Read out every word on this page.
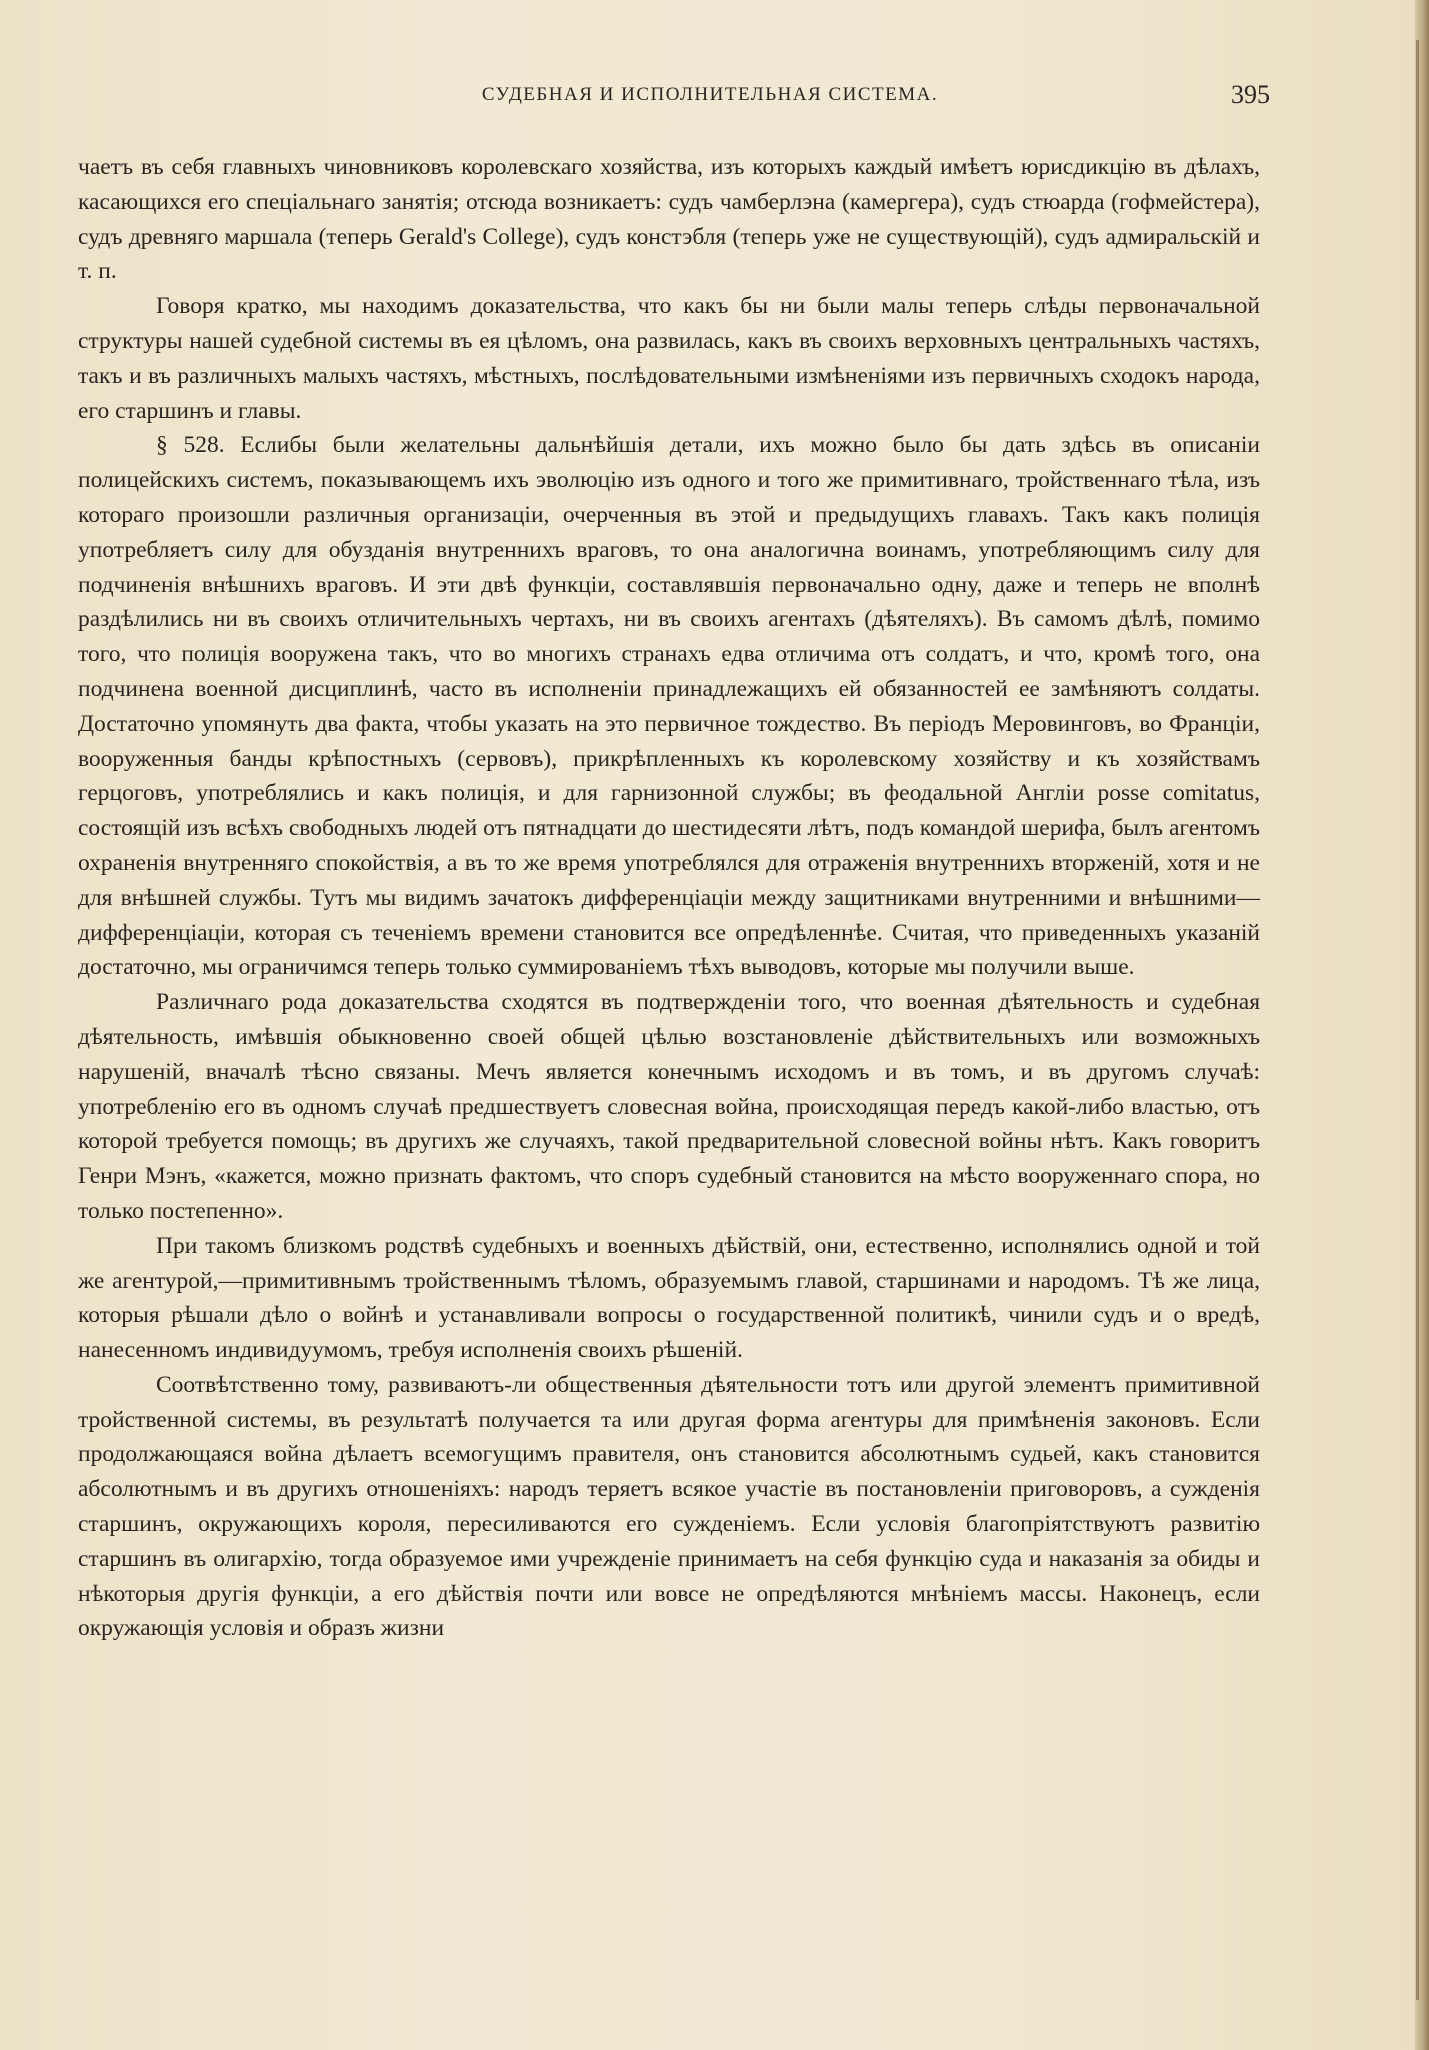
СУДЕБНАЯ И ИСПОЛНИТЕЛЬНАЯ СИСТЕМА.	395

чаетъ въ себя главныхъ чиновниковъ королевскаго хозяйства, изъ которыхъ каждый имѣетъ юрисдикцію въ дѣлахъ, касающихся его спеціальнаго занятія; отсюда возникаетъ: судъ чамберлэна (камергера), судъ стюарда (гофмейстера), судъ древняго маршала (теперь Gerald's College), судъ констэбля (теперь уже не существующій), судъ адмиральскій и т. п.

Говоря кратко, мы находимъ доказательства, что какъ бы ни были малы теперь слѣды первоначальной структуры нашей судебной системы въ ея цѣломъ, она развилась, какъ въ своихъ верховныхъ центральныхъ частяхъ, такъ и въ различныхъ малыхъ частяхъ, мѣстныхъ, послѣдовательными измѣненіями изъ первичныхъ сходокъ народа, его старшинъ и главы.

§ 528. Еслибы были желательны дальнѣйшія детали, ихъ можно было бы дать здѣсь въ описаніи полицейскихъ системъ, показывающемъ ихъ эволюцію изъ одного и того же примитивнаго, тройственнаго тѣла, изъ котораго произошли различныя организаціи, очерченныя въ этой и предыдущихъ главахъ. Такъ какъ полиція употребляетъ силу для обузданія внутреннихъ враговъ, то она аналогична воинамъ, употребляющимъ силу для подчиненія внѣшнихъ враговъ. И эти двѣ функціи, составлявшія первоначально одну, даже и теперь не вполнѣ раздѣлились ни въ своихъ отличительныхъ чертахъ, ни въ своихъ агентахъ (дѣятеляхъ). Въ самомъ дѣлѣ, помимо того, что полиція вооружена такъ, что во многихъ странахъ едва отличима отъ солдатъ, и что, кромѣ того, она подчинена военной дисциплинѣ, часто въ исполненіи принадлежащихъ ей обязанностей ее замѣняютъ солдаты. Достаточно упомянуть два факта, чтобы указать на это первичное тождество. Въ періодъ Меровинговъ, во Франціи, вооруженныя банды крѣпостныхъ (сервовъ), прикрѣпленныхъ къ королевскому хозяйству и къ хозяйствамъ герцоговъ, употреблялись и какъ полиція, и для гарнизонной службы; въ феодальной Англіи posse comitatus, состоящій изъ всѣхъ свободныхъ людей отъ пятнадцати до шестидесяти лѣтъ, подъ командой шерифа, былъ агентомъ охраненія внутренняго спокойствія, а въ то же время употреблялся для отраженія внутреннихъ вторженій, хотя и не для внѣшней службы. Тутъ мы видимъ зачатокъ дифференціаціи между защитниками внутренними и внѣшними—дифференціаціи, которая съ теченіемъ времени становится все опредѣленнѣе. Считая, что приведенныхъ указаній достаточно, мы ограничимся теперь только суммированіемъ тѣхъ выводовъ, которые мы получили выше.

Различнаго рода доказательства сходятся въ подтвержденіи того, что военная дѣятельность и судебная дѣятельность, имѣвшія обыкновенно своей общей цѣлью возстановленіе дѣйствительныхъ или возможныхъ нарушеній, вначалѣ тѣсно связаны. Мечъ является конечнымъ исходомъ и въ томъ, и въ другомъ случаѣ: употребленію его въ одномъ случаѣ предшествуетъ словесная война, происходящая передъ какой-либо властью, отъ которой требуется помощь; въ другихъ же случаяхъ, такой предварительной словесной войны нѣтъ. Какъ говоритъ Генри Мэнъ, «кажется, можно признать фактомъ, что споръ судебный становится на мѣсто вооруженнаго спора, но только постепенно».

При такомъ близкомъ родствѣ судебныхъ и военныхъ дѣйствій, они, естественно, исполнялись одной и той же агентурой,—примитивнымъ тройственнымъ тѣломъ, образуемымъ главой, старшинами и народомъ. Тѣ же лица, которыя рѣшали дѣло о войнѣ и устанавливали вопросы о государственной политикѣ, чинили судъ и о вредѣ, нанесенномъ индивидуумомъ, требуя исполненія своихъ рѣшеній.

Соотвѣтственно тому, развиваютъ-ли общественныя дѣятельности тотъ или другой элементъ примитивной тройственной системы, въ результатѣ получается та или другая форма агентуры для примѣненія законовъ. Если продолжающаяся война дѣлаетъ всемогущимъ правителя, онъ становится абсолютнымъ судьей, какъ становится абсолютнымъ и въ другихъ отношеніяхъ: народъ теряетъ всякое участіе въ постановленіи приговоровъ, а сужденія старшинъ, окружающихъ короля, пересиливаются его сужденіемъ. Если условія благопріятствуютъ развитію старшинъ въ олигархію, тогда образуемое ими учрежденіе принимаетъ на себя функцію суда и наказанія за обиды и нѣкоторыя другія функціи, а его дѣйствія почти или вовсе не опредѣляются мнѣніемъ массы. Наконецъ, если окружающія условія и образъ жизни
